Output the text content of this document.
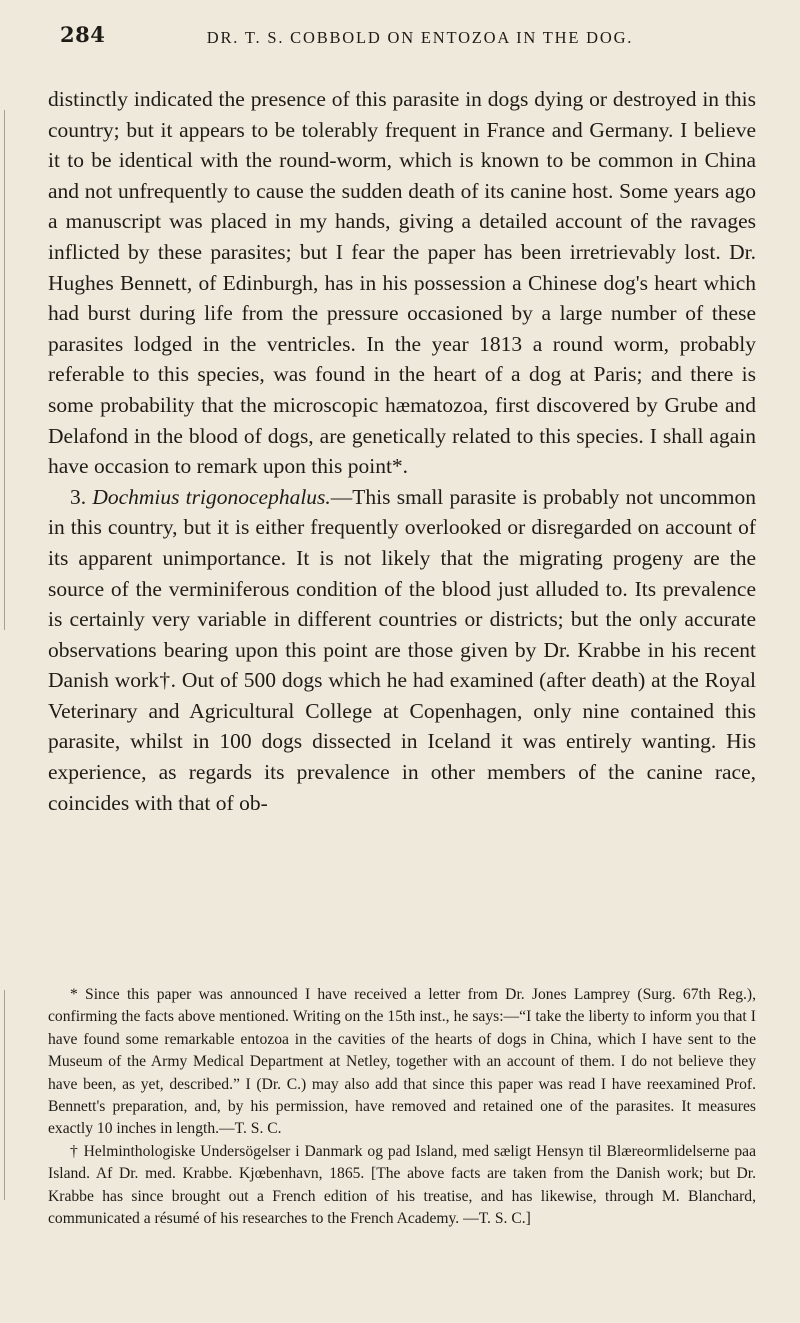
284	DR. T. S. COBBOLD ON ENTOZOA IN THE DOG.

distinctly indicated the presence of this parasite in dogs dying or destroyed in this country; but it appears to be tolerably frequent in France and Germany. I believe it to be identical with the round-worm, which is known to be common in China and not unfrequently to cause the sudden death of its canine host. Some years ago a manuscript was placed in my hands, giving a detailed account of the ravages inflicted by these parasites; but I fear the paper has been irretrievably lost. Dr. Hughes Bennett, of Edinburgh, has in his possession a Chinese dog's heart which had burst during life from the pressure occasioned by a large number of these parasites lodged in the ventricles. In the year 1813 a round worm, probably referable to this species, was found in the heart of a dog at Paris; and there is some probability that the microscopic hæmatozoa, first discovered by Grube and Delafond in the blood of dogs, are genetically related to this species. I shall again have occasion to remark upon this point*.

3. Dochmius trigonocephalus.—This small parasite is probably not uncommon in this country, but it is either frequently overlooked or disregarded on account of its apparent unimportance. It is not likely that the migrating progeny are the source of the verminiferous condition of the blood just alluded to. Its prevalence is certainly very variable in different countries or districts; but the only accurate observations bearing upon this point are those given by Dr. Krabbe in his recent Danish work†. Out of 500 dogs which he had examined (after death) at the Royal Veterinary and Agricultural College at Copenhagen, only nine contained this parasite, whilst in 100 dogs dissected in Iceland it was entirely wanting. His experience, as regards its prevalence in other members of the canine race, coincides with that of ob-

* Since this paper was announced I have received a letter from Dr. Jones Lamprey (Surg. 67th Reg.), confirming the facts above mentioned. Writing on the 15th inst., he says:—“I take the liberty to inform you that I have found some remarkable entozoa in the cavities of the hearts of dogs in China, which I have sent to the Museum of the Army Medical Department at Netley, together with an account of them. I do not believe they have been, as yet, described.” I (Dr. C.) may also add that since this paper was read I have reexamined Prof. Bennett's preparation, and, by his permission, have removed and retained one of the parasites. It measures exactly 10 inches in length.—T. S. C.

† Helminthologiske Undersögelser i Danmark og pad Island, med sæligt Hensyn til Blæreormlidelserne paa Island. Af Dr. med. Krabbe. Kjœbenhavn, 1865. [The above facts are taken from the Danish work; but Dr. Krabbe has since brought out a French edition of his treatise, and has likewise, through M. Blanchard, communicated a résumé of his researches to the French Academy. —T. S. C.]
